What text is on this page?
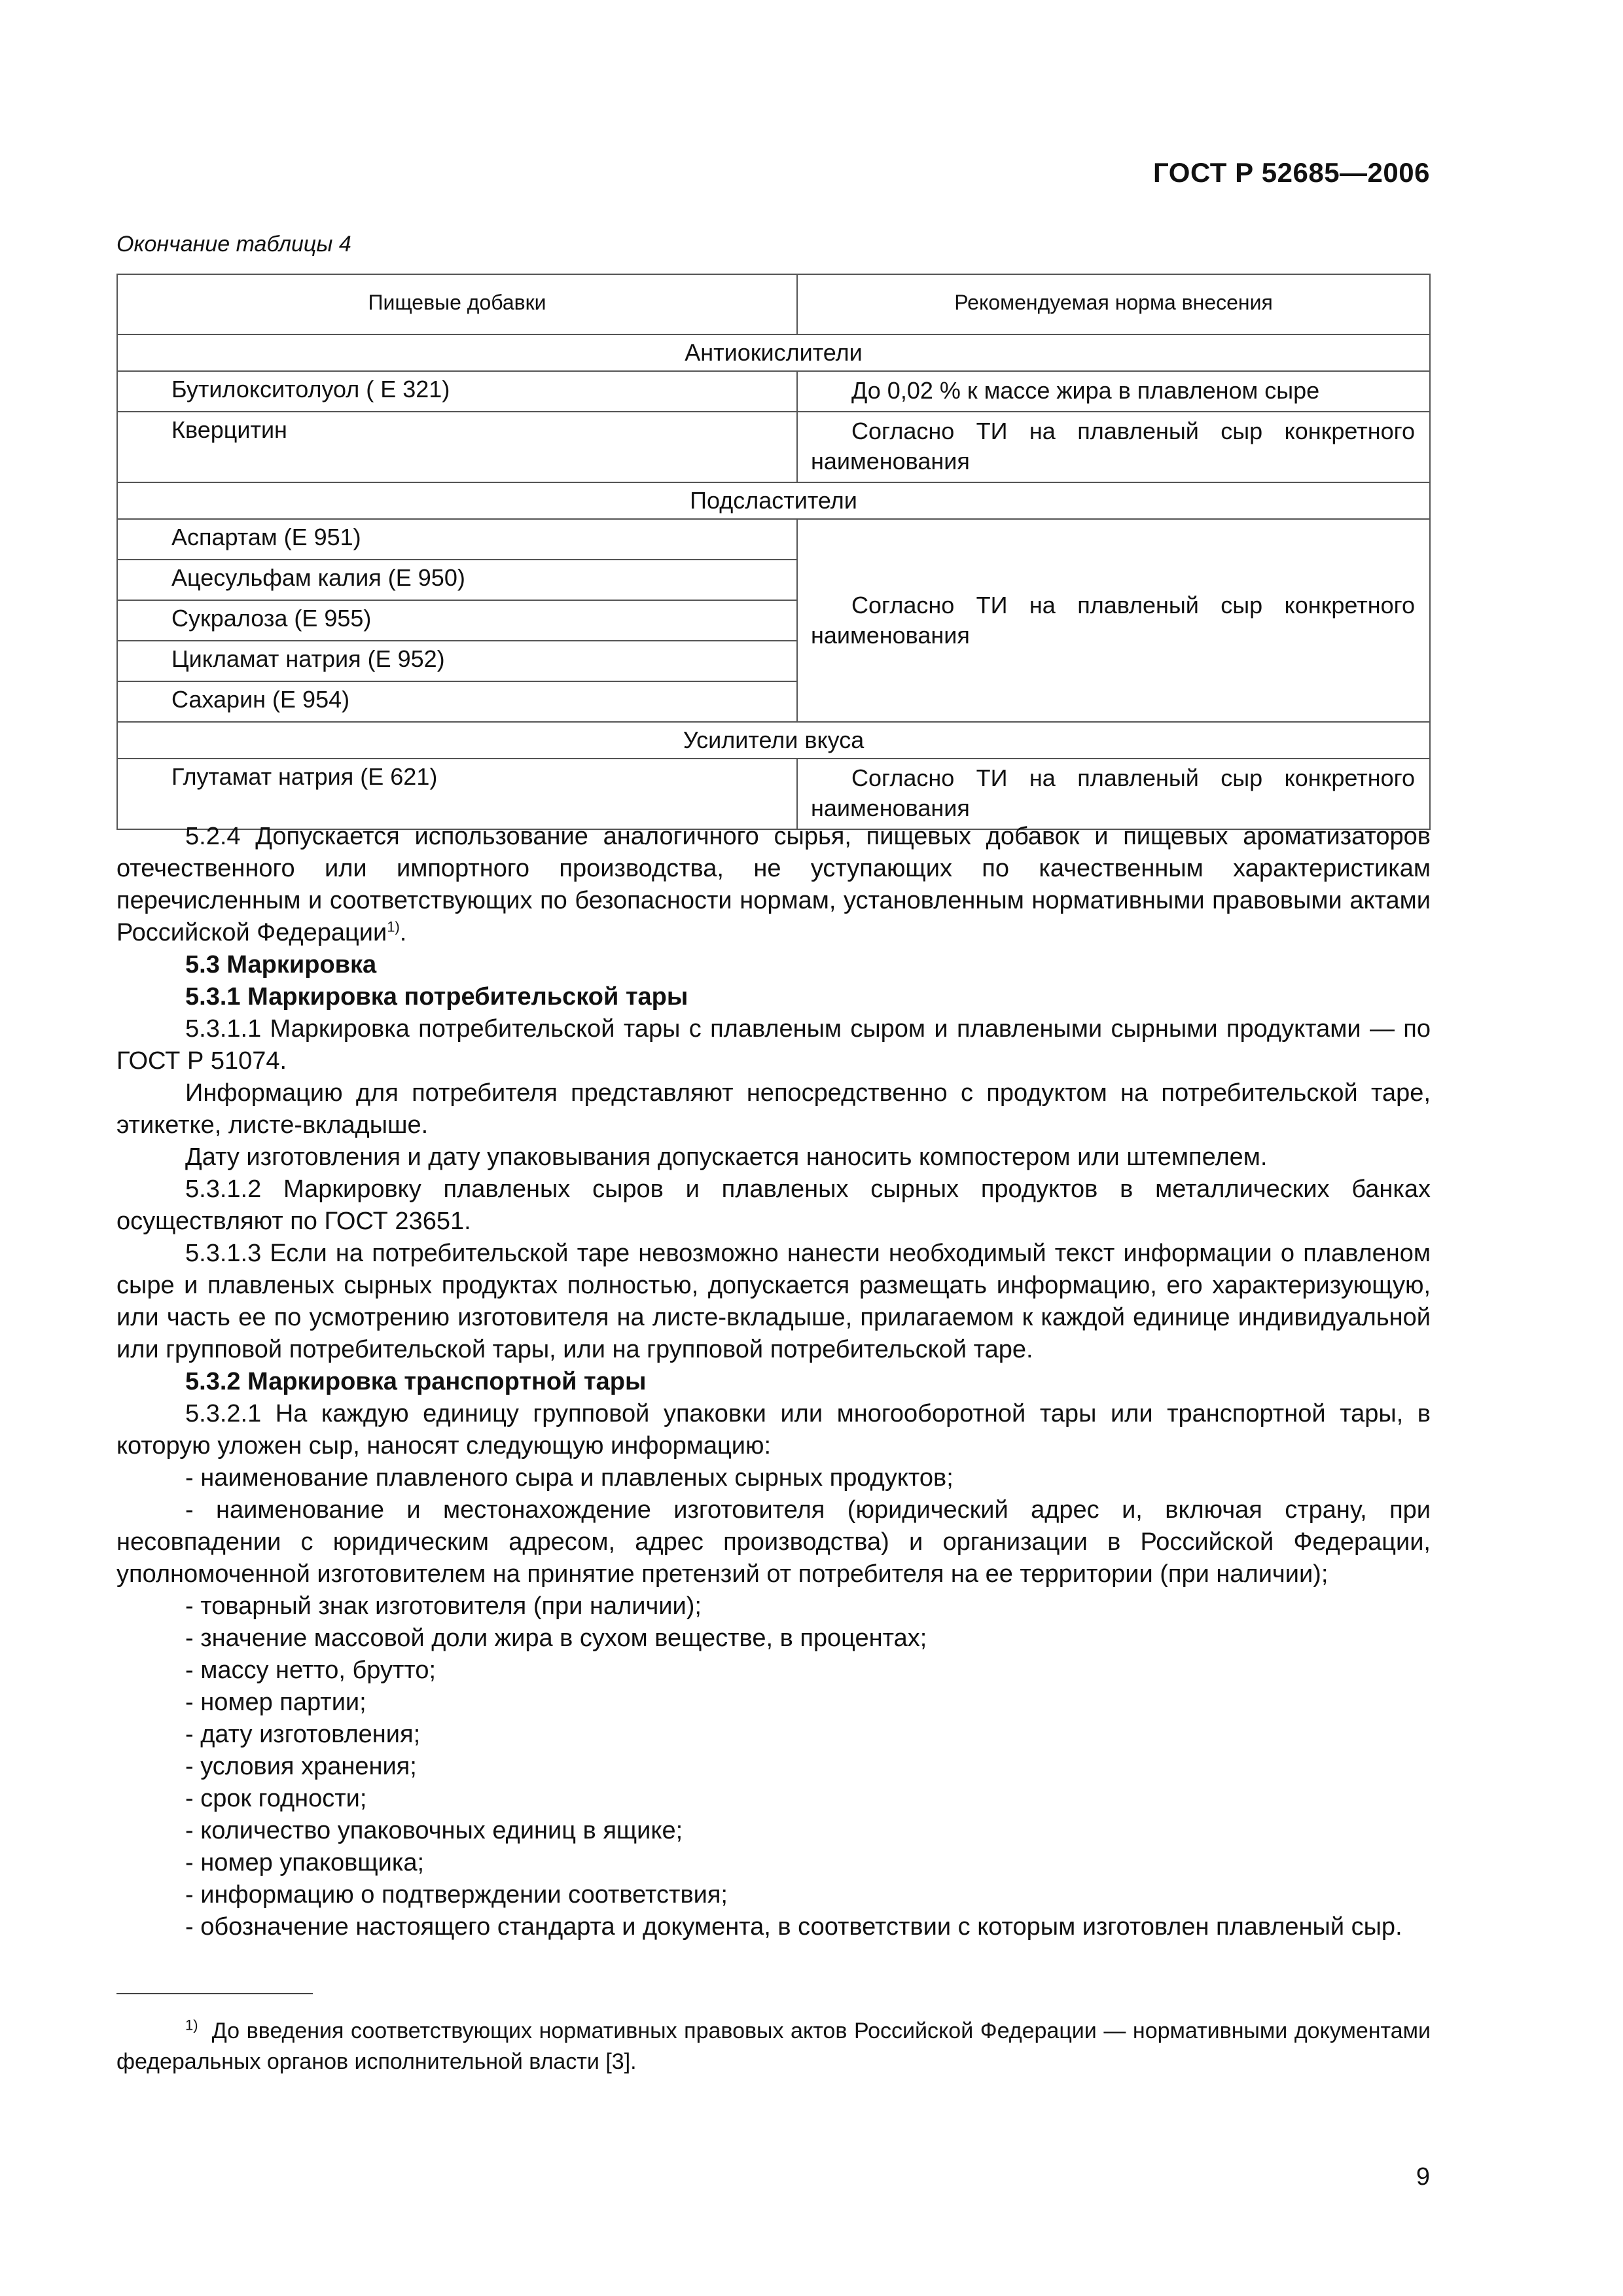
ГОСТ Р 52685—2006
Окончание таблицы 4
Пищевые добавки	Рекомендуемая норма внесения

Антиокислители	
Бутилокситолуол ( Е 321)	До 0,02 % к массе жира в плавленом сыре

Кверцитин	Согласно ТИ на плавленый сыр конкретного
наименования

Подсластители	
Аспартам (Е 951)	Согласно ТИ на плавленый сыр конкретного
наименования

Ацесульфам калия (Е 950)	
Сукралоза (Е 955)	
Цикламат натрия (Е 952)	
Сахарин (Е 954)	
Усилители вкуса	
Глутамат натрия (Е 621)	Согласно ТИ на плавленый сыр конкретного
наименования

5.2.4 Допускается использование аналогичного сырья, пищевых добавок и пищевых ароматизаторов отечественного или импортного производства, не уступающих по качественным характеристикам перечисленным и соответствующих по безопасности нормам, установленным нормативными правовыми актами Российской Федерации$^{1)}$.

5.3 Маркировка

5.3.1 Маркировка потребительской тары

5.3.1.1 Маркировка потребительской тары с плавленым сыром и плавлеными сырными продуктами — по ГОСТ Р 51074.

Информацию для потребителя представляют непосредственно с продуктом на потребительской таре, этикетке, листе-вкладыше.

Дату изготовления и дату упаковывания допускается наносить компостером или штемпелем.

5.3.1.2 Маркировку плавленых сыров и плавленых сырных продуктов в металлических банках осуществляют по ГОСТ 23651.

5.3.1.3 Если на потребительской таре невозможно нанести необходимый текст информации о плавленом сыре и плавленых сырных продуктах полностью, допускается размещать информацию, его характеризующую, или часть ее по усмотрению изготовителя на листе-вкладыше, прилагаемом к каждой единице индивидуальной или групповой потребительской тары, или на групповой потребительской таре.

5.3.2 Маркировка транспортной тары

5.3.2.1 На каждую единицу групповой упаковки или многооборотной тары или транспортной тары, в которую уложен сыр, наносят следующую информацию:

- наименование плавленого сыра и плавленых сырных продуктов;

- наименование и местонахождение изготовителя (юридический адрес и, включая страну, при несовпадении с юридическим адресом, адрес производства) и организации в Российской Федерации, уполномоченной изготовителем на принятие претензий от потребителя на ее территории (при наличии);

- товарный знак изготовителя (при наличии);

- значение массовой доли жира в сухом веществе, в процентах;

- массу нетто, брутто;

- номер партии;

- дату изготовления;

- условия хранения;

- срок годности;

- количество упаковочных единиц в ящике;

- номер упаковщика;

- информацию о подтверждении соответствия;

- обозначение настоящего стандарта и документа, в соответствии с которым изготовлен плавленый сыр.

$^{1)}$ До введения соответствующих нормативных правовых актов Российской Федерации — нормативными документами федеральных органов исполнительной власти [3].
9
